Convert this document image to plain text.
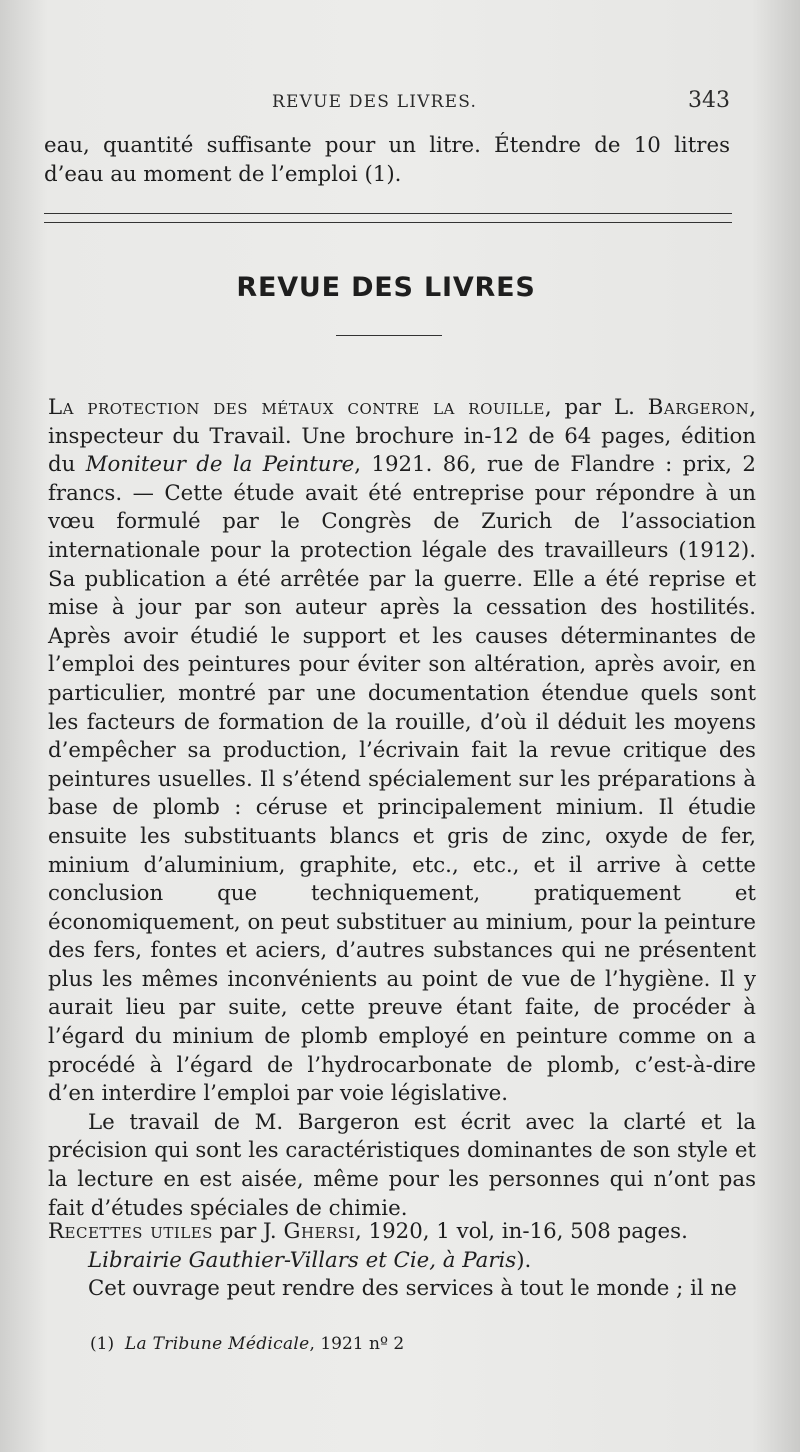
REVUE DES LIVRES.	343

eau, quantité suffisante pour un litre. Étendre de 10 litres d’eau au moment de l’emploi (1).

REVUE DES LIVRES

La protection des métaux contre la rouille, par L. Bargeron, inspecteur du Travail. Une brochure in-12 de 64 pages, édition du Moniteur de la Peinture, 1921. 86, rue de Flandre : prix, 2 francs. — Cette étude avait été entreprise pour répondre à un vœu formulé par le Congrès de Zurich de l’association internationale pour la protection légale des travailleurs (1912). Sa publication a été arrêtée par la guerre. Elle a été reprise et mise à jour par son auteur après la cessation des hostilités. Après avoir étudié le support et les causes déterminantes de l’emploi des peintures pour éviter son altération, après avoir, en particulier, montré par une documentation étendue quels sont les facteurs de formation de la rouille, d’où il déduit les moyens d’empêcher sa production, l’écrivain fait la revue critique des peintures usuelles. Il s’étend spécialement sur les préparations à base de plomb : céruse et principalement minium. Il étudie ensuite les substituants blancs et gris de zinc, oxyde de fer, minium d’aluminium, graphite, etc., etc., et il arrive à cette conclusion que techniquement, pratiquement et économiquement, on peut substituer au minium, pour la peinture des fers, fontes et aciers, d’autres substances qui ne présentent plus les mêmes inconvénients au point de vue de l’hygiène. Il y aurait lieu par suite, cette preuve étant faite, de procéder à l’égard du minium de plomb employé en peinture comme on a procédé à l’égard de l’hydrocarbonate de plomb, c’est-à-dire d’en interdire l’emploi par voie législative.

Le travail de M. Bargeron est écrit avec la clarté et la précision qui sont les caractéristiques dominantes de son style et la lecture en est aisée, même pour les personnes qui n’ont pas fait d’études spéciales de chimie.

Recettes utiles par J. Ghersi, 1920, 1 vol, in-16, 508 pages.

Librairie Gauthier-Villars et Cie, à Paris).

Cet ouvrage peut rendre des services à tout le monde ; il ne

(1) La Tribune Médicale, 1921 nº 2
